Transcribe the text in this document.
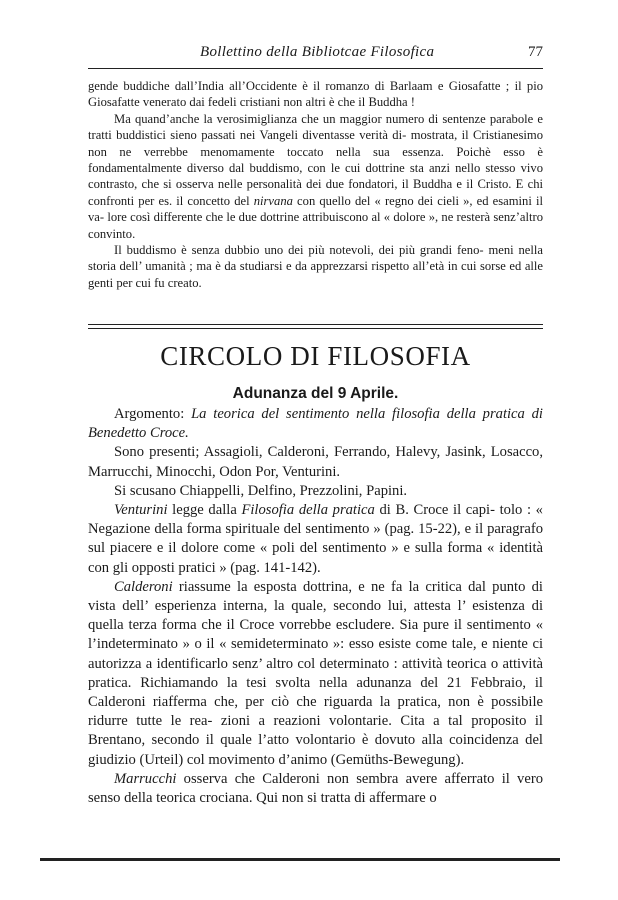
Bollettino della Bibliotcae Filosofica	77

gende buddiche dall’India all’Occidente è il romanzo di Barlaam e Giosafatte ; il pio Giosafatte venerato dai fedeli cristiani non altri è che il Buddha !

Ma quand’anche la verosimiglianza che un maggior numero di sentenze parabole e tratti buddistici sieno passati nei Vangeli diventasse verità di- mostrata, il Cristianesimo non ne verrebbe menomamente toccato nella sua essenza. Poichè esso è fondamentalmente diverso dal buddismo, con le cui dottrine sta anzi nello stesso vivo contrasto, che si osserva nelle personalità dei due fondatori, il Buddha e il Cristo. E chi confronti per es. il concetto del nirvana con quello del « regno dei cieli », ed esamini il va- lore così differente che le due dottrine attribuiscono al « dolore », ne resterà senz’altro convinto.

Il buddismo è senza dubbio uno dei più notevoli, dei più grandi feno- meni nella storia dell’ umanità ; ma è da studiarsi e da apprezzarsi rispetto all’età in cui sorse ed alle genti per cui fu creato.

CIRCOLO DI FILOSOFIA
Adunanza del 9 Aprile.

Argomento: La teorica del sentimento nella filosofia della pratica di Benedetto Croce.

Sono presenti; Assagioli, Calderoni, Ferrando, Halevy, Jasink, Losacco, Marrucchi, Minocchi, Odon Por, Venturini.

Si scusano Chiappelli, Delfino, Prezzolini, Papini.

Venturini legge dalla Filosofia della pratica di B. Croce il capi- tolo : « Negazione della forma spirituale del sentimento » (pag. 15-22), e il paragrafo sul piacere e il dolore come « poli del sentimento » e sulla forma « identità con gli opposti pratici » (pag. 141-142).

Calderoni riassume la esposta dottrina, e ne fa la critica dal punto di vista dell’ esperienza interna, la quale, secondo lui, attesta l’ esistenza di quella terza forma che il Croce vorrebbe escludere. Sia pure il sentimento « l’indeterminato » o il « semideterminato »: esso esiste come tale, e niente ci autorizza a identificarlo senz’ altro col determinato : attività teorica o attività pratica. Richiamando la tesi svolta nella adunanza del 21 Febbraio, il Calderoni riafferma che, per ciò che riguarda la pratica, non è possibile ridurre tutte le rea- zioni a reazioni volontarie. Cita a tal proposito il Brentano, secondo il quale l’atto volontario è dovuto alla coincidenza del giudizio (Urteil) col movimento d’animo (Gemüths-Bewegung).

Marrucchi osserva che Calderoni non sembra avere afferrato il vero senso della teorica crociana. Qui non si tratta di affermare o
